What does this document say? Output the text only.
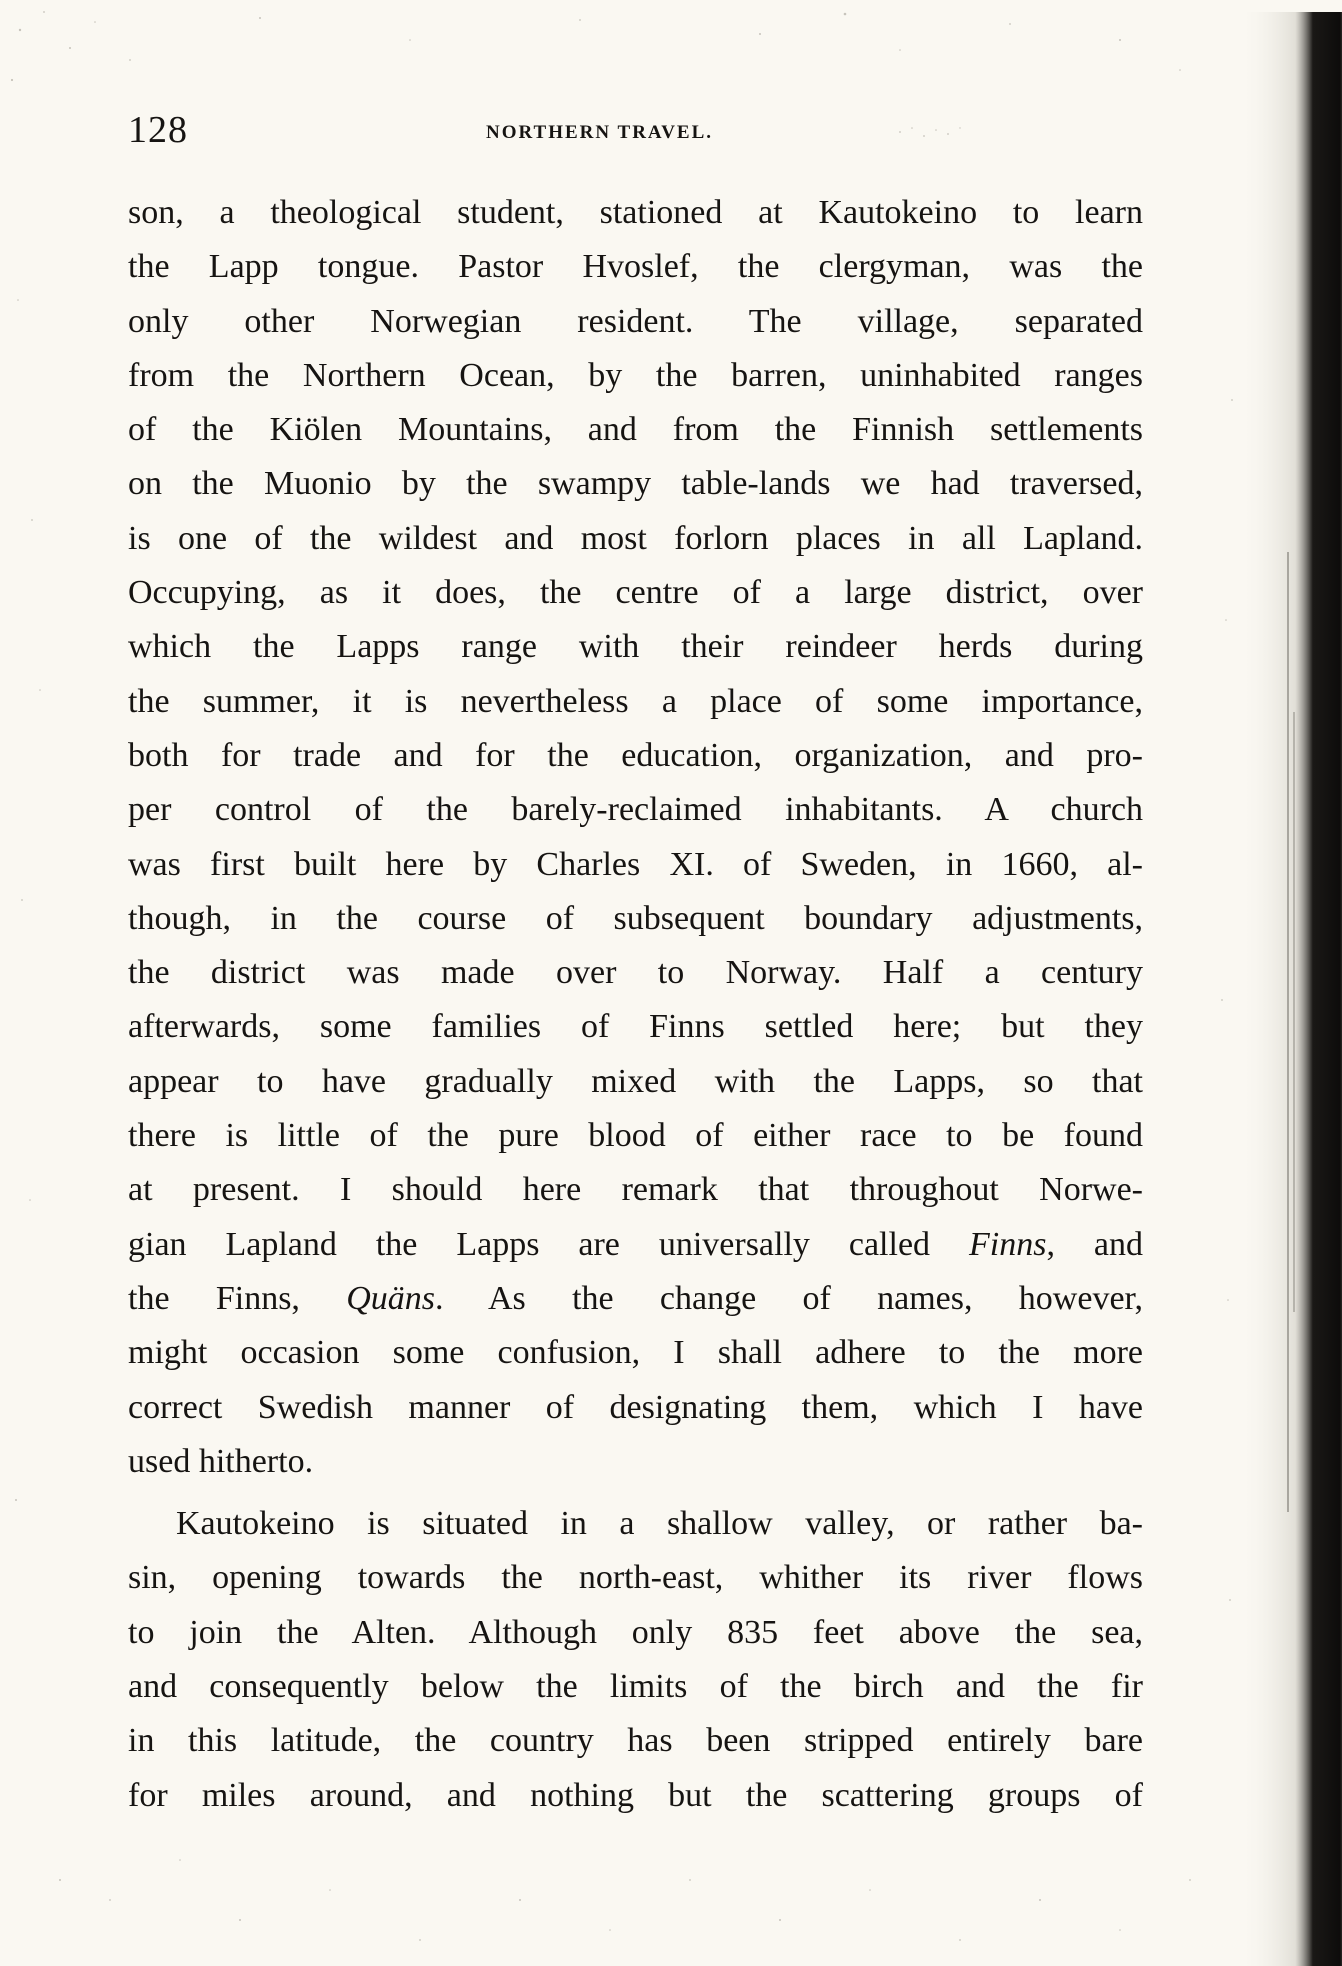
128	NORTHERN TRAVEL.
son, a theological student, stationed at Kautokeino to learn
the Lapp tongue. Pastor Hvoslef, the clergyman, was the
only other Norwegian resident. The village, separated
from the Northern Ocean, by the barren, uninhabited ranges
of the Kiölen Mountains, and from the Finnish settlements
on the Muonio by the swampy table-lands we had traversed,
is one of the wildest and most forlorn places in all Lapland.
Occupying, as it does, the centre of a large district, over
which the Lapps range with their reindeer herds during
the summer, it is nevertheless a place of some importance,
both for trade and for the education, organization, and pro-
per control of the barely-reclaimed inhabitants. A church
was first built here by Charles XI. of Sweden, in 1660, al-
though, in the course of subsequent boundary adjustments,
the district was made over to Norway. Half a century
afterwards, some families of Finns settled here; but they
appear to have gradually mixed with the Lapps, so that
there is little of the pure blood of either race to be found
at present. I should here remark that throughout Norwe-
gian Lapland the Lapps are universally called Finns, and
the Finns, Quäns. As the change of names, however,
might occasion some confusion, I shall adhere to the more
correct Swedish manner of designating them, which I have
used hitherto.
Kautokeino is situated in a shallow valley, or rather ba-
sin, opening towards the north-east, whither its river flows
to join the Alten. Although only 835 feet above the sea,
and consequently below the limits of the birch and the fir
in this latitude, the country has been stripped entirely bare
for miles around, and nothing but the scattering groups of
